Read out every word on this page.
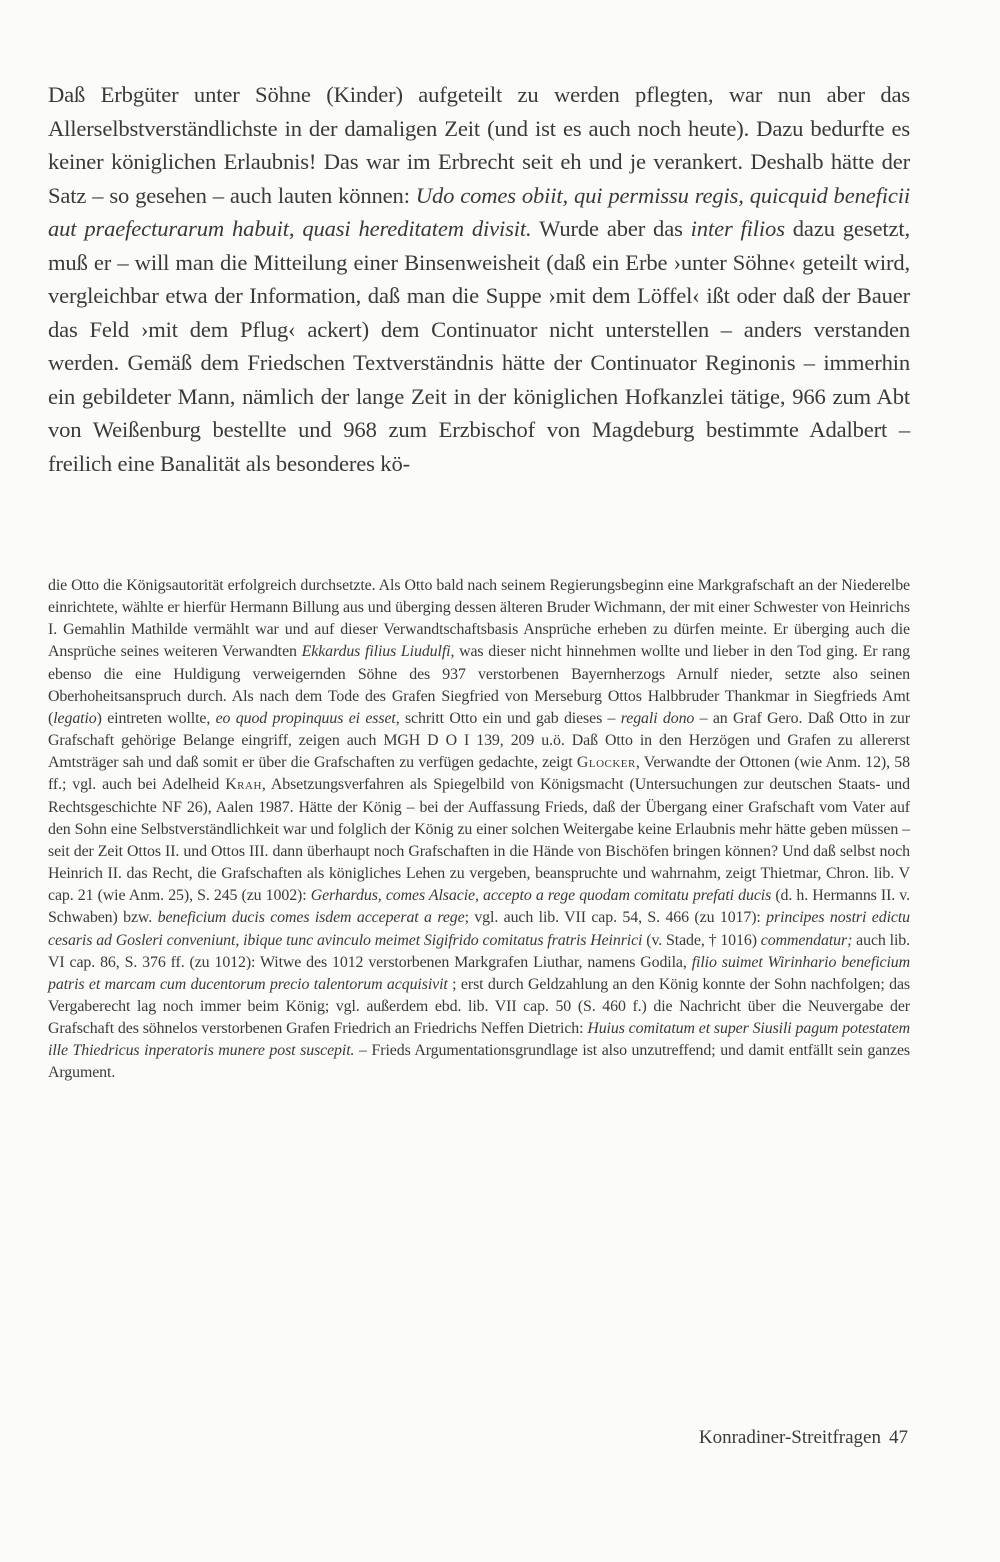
Daß Erbgüter unter Söhne (Kinder) aufgeteilt zu werden pflegten, war nun aber das Allerselbstverständlichste in der damaligen Zeit (und ist es auch noch heute). Dazu bedurfte es keiner königlichen Erlaubnis! Das war im Erbrecht seit eh und je verankert. Deshalb hätte der Satz – so gesehen – auch lauten können: Udo comes obiit, qui permissu regis, quicquid beneficii aut praefecturarum habuit, quasi hereditatem divisit. Wurde aber das inter filios dazu gesetzt, muß er – will man die Mitteilung einer Binsenweisheit (daß ein Erbe ›unter Söhne‹ geteilt wird, vergleichbar etwa der Information, daß man die Suppe ›mit dem Löffel‹ ißt oder daß der Bauer das Feld ›mit dem Pflug‹ ackert) dem Continuator nicht unterstellen – anders verstanden werden. Gemäß dem Friedschen Textverständnis hätte der Continuator Reginonis – immerhin ein gebildeter Mann, nämlich der lange Zeit in der königlichen Hofkanzlei tätige, 966 zum Abt von Weißenburg bestellte und 968 zum Erzbischof von Magdeburg bestimmte Adalbert – freilich eine Banalität als besonderes kö-

die Otto die Königsautorität erfolgreich durchsetzte. Als Otto bald nach seinem Regierungsbeginn eine Markgrafschaft an der Niederelbe einrichtete, wählte er hierfür Hermann Billung aus und überging dessen älteren Bruder Wichmann, der mit einer Schwester von Heinrichs I. Gemahlin Mathilde vermählt war und auf dieser Verwandtschaftsbasis Ansprüche erheben zu dürfen meinte. Er überging auch die Ansprüche seines weiteren Verwandten Ekkardus filius Liudulfi, was dieser nicht hinnehmen wollte und lieber in den Tod ging. Er rang ebenso die eine Huldigung verweigernden Söhne des 937 verstorbenen Bayernherzogs Arnulf nieder, setzte also seinen Oberhoheitsanspruch durch. Als nach dem Tode des Grafen Siegfried von Merseburg Ottos Halbbruder Thankmar in Siegfrieds Amt (legatio) eintreten wollte, eo quod propinquus ei esset, schritt Otto ein und gab dieses – regali dono – an Graf Gero. Daß Otto in zur Grafschaft gehörige Belange eingriff, zeigen auch MGH D O I 139, 209 u.ö. Daß Otto in den Herzögen und Grafen zu allererst Amtsträger sah und daß somit er über die Grafschaften zu verfügen gedachte, zeigt Glocker, Verwandte der Ottonen (wie Anm. 12), 58 ff.; vgl. auch bei Adelheid Krah, Absetzungsverfahren als Spiegelbild von Königsmacht (Untersuchungen zur deutschen Staats- und Rechtsgeschichte NF 26), Aalen 1987. Hätte der König – bei der Auffassung Frieds, daß der Übergang einer Grafschaft vom Vater auf den Sohn eine Selbstverständlichkeit war und folglich der König zu einer solchen Weitergabe keine Erlaubnis mehr hätte geben müssen – seit der Zeit Ottos II. und Ottos III. dann überhaupt noch Grafschaften in die Hände von Bischöfen bringen können? Und daß selbst noch Heinrich II. das Recht, die Grafschaften als königliches Lehen zu vergeben, beanspruchte und wahrnahm, zeigt Thietmar, Chron. lib. V cap. 21 (wie Anm. 25), S. 245 (zu 1002): Gerhardus, comes Alsacie, accepto a rege quodam comitatu prefati ducis (d. h. Hermanns II. v. Schwaben) bzw. beneficium ducis comes isdem acceperat a rege; vgl. auch lib. VII cap. 54, S. 466 (zu 1017): principes nostri edictu cesaris ad Gosleri conveniunt, ibique tunc avinculo meimet Sigifrido comitatus fratris Heinrici (v. Stade, † 1016) commendatur; auch lib. VI cap. 86, S. 376 ff. (zu 1012): Witwe des 1012 verstorbenen Markgrafen Liuthar, namens Godila, filio suimet Wirinhario beneficium patris et marcam cum ducentorum precio talentorum acquisivit ; erst durch Geldzahlung an den König konnte der Sohn nachfolgen; das Vergaberecht lag noch immer beim König; vgl. außerdem ebd. lib. VII cap. 50 (S. 460 f.) die Nachricht über die Neuvergabe der Grafschaft des söhnelos verstorbenen Grafen Friedrich an Friedrichs Neffen Dietrich: Huius comitatum et super Siusili pagum potestatem ille Thiedricus inperatoris munere post suscepit. – Frieds Argumentationsgrundlage ist also unzutreffend; und damit entfällt sein ganzes Argument.

Konradiner-Streitfragen 47
